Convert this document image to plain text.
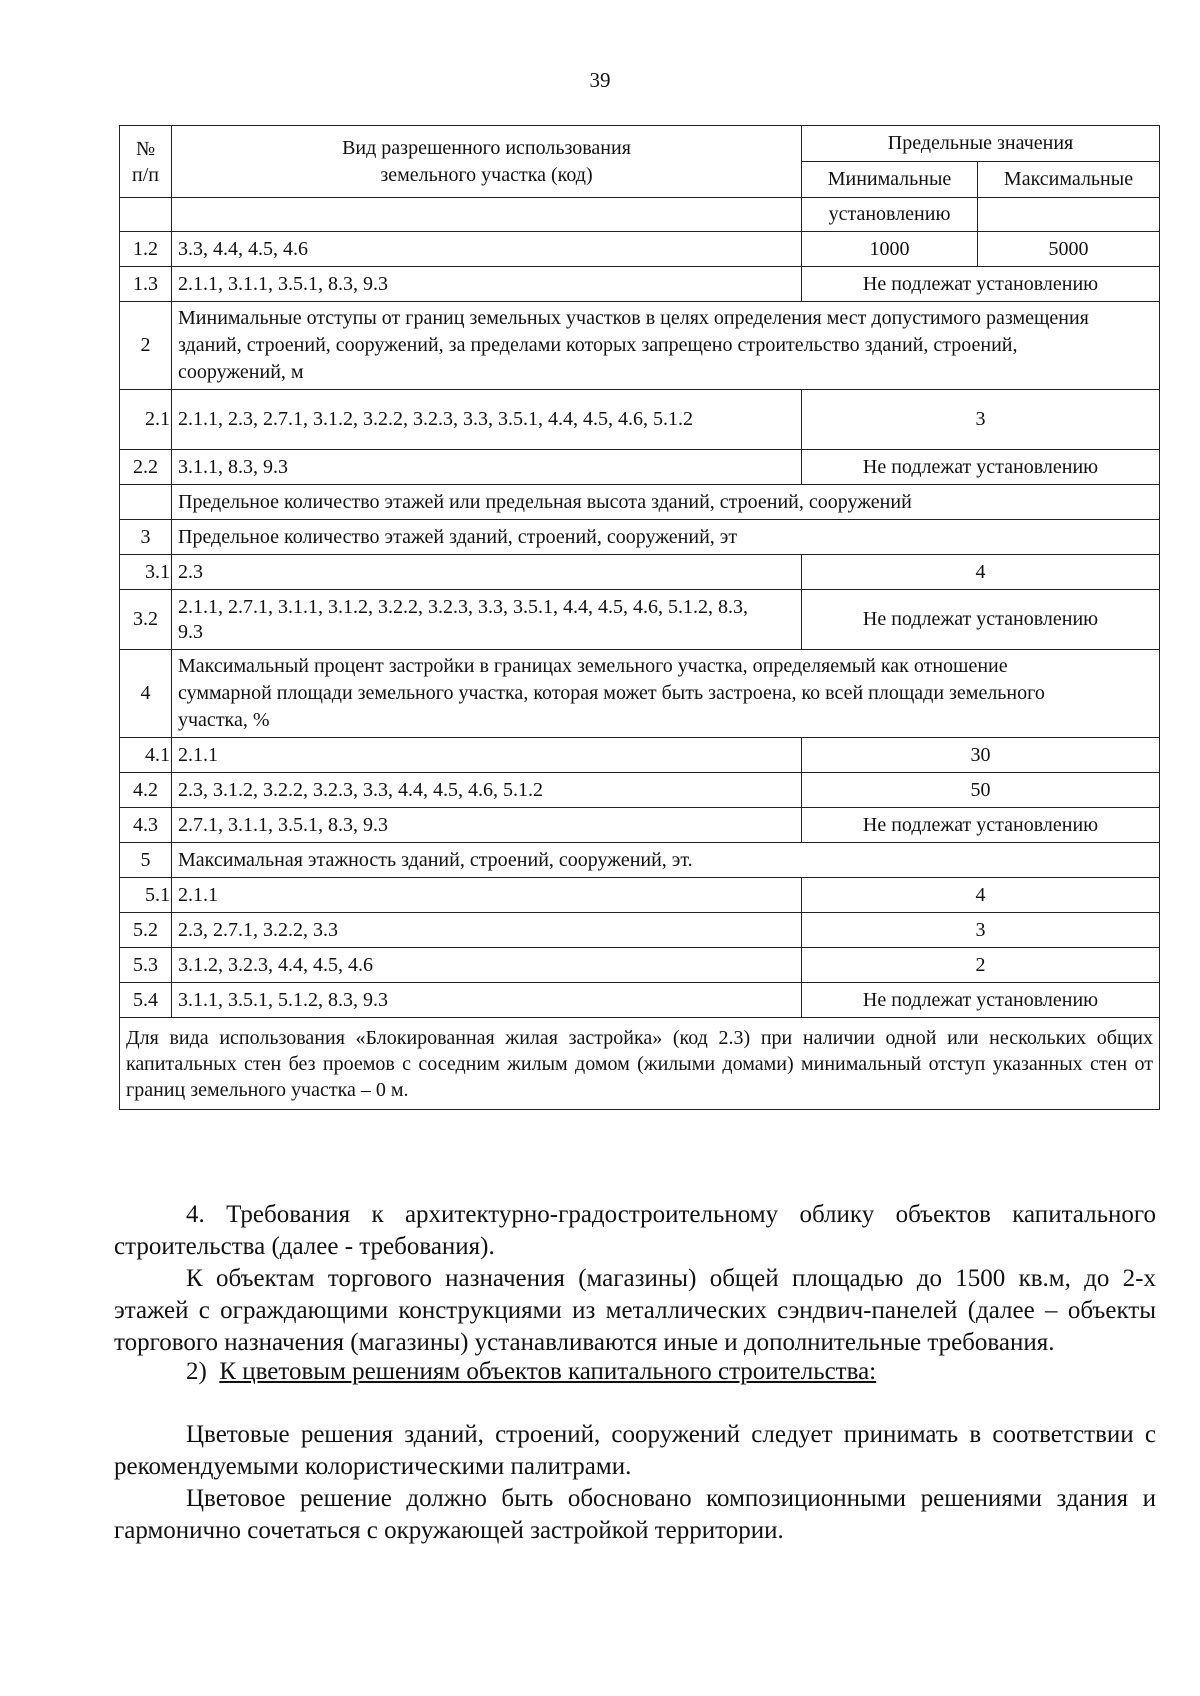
39
№ п/п	Вид разрешенного использования земельного участка (код)	Предельные значения	
		Минимальные	Максимальные
		установлению	
1.2	3.3, 4.4, 4.5, 4.6	1000	5000
1.3	2.1.1, 3.1.1, 3.5.1, 8.3, 9.3	Не подлежат установлению	
2	Минимальные отступы от границ земельных участков в целях определения мест допустимого размещения зданий, строений, сооружений, за пределами которых запрещено строительство зданий, строений, сооружений, м		
2.1	2.1.1, 2.3, 2.7.1, 3.1.2, 3.2.2, 3.2.3, 3.3, 3.5.1, 4.4, 4.5, 4.6, 5.1.2	3	
2.2	3.1.1, 8.3, 9.3	Не подлежат установлению	
	Предельное количество этажей или предельная высота зданий, строений, сооружений		
3	Предельное количество этажей зданий, строений, сооружений, эт		
3.1	2.3	4	
3.2	2.1.1, 2.7.1, 3.1.1, 3.1.2, 3.2.2, 3.2.3, 3.3, 3.5.1, 4.4, 4.5, 4.6, 5.1.2, 8.3, 9.3	Не подлежат установлению	
4	Максимальный процент застройки в границах земельного участка, определяемый как отношение суммарной площади земельного участка, которая может быть застроена, ко всей площади земельного участка, %		
4.1	2.1.1	30	
4.2	2.3, 3.1.2, 3.2.2, 3.2.3, 3.3, 4.4, 4.5, 4.6, 5.1.2	50	
4.3	2.7.1, 3.1.1, 3.5.1, 8.3, 9.3	Не подлежат установлению	
5	Максимальная этажность зданий, строений, сооружений, эт.		
5.1	2.1.1	4	
5.2	2.3, 2.7.1, 3.2.2, 3.3	3	
5.3	3.1.2, 3.2.3, 4.4, 4.5, 4.6	2	
5.4	3.1.1, 3.5.1, 5.1.2, 8.3, 9.3	Не подлежат установлению	
Для вида использования «Блокированная жилая застройка» (код 2.3) при наличии одной или нескольких общих капитальных стен без проемов с соседним жилым домом (жилыми домами) минимальный отступ указанных стен от границ земельного участка – 0 м.			

4. Требования к архитектурно-градостроительному облику объектов капитального строительства (далее - требования).

К объектам торгового назначения (магазины) общей площадью до 1500 кв.м, до 2-х этажей с ограждающими конструкциями из металлических сэндвич-панелей (далее – объекты торгового назначения (магазины) устанавливаются иные и дополнительные требования.

2) К цветовым решениям объектов капитального строительства:

Цветовые решения зданий, строений, сооружений следует принимать в соответствии с рекомендуемыми колористическими палитрами.

Цветовое решение должно быть обосновано композиционными решениями здания и гармонично сочетаться с окружающей застройкой территории.
